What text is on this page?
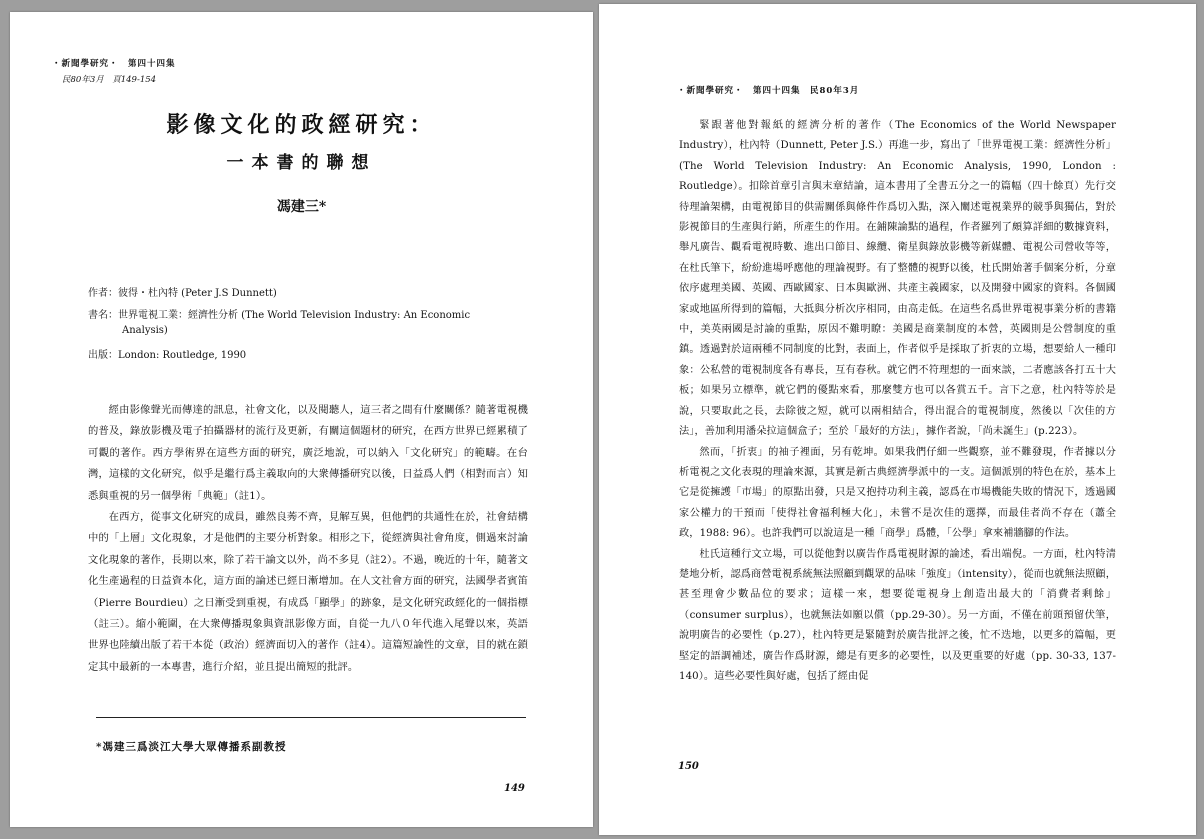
・新聞學研究・　第四十四集
民80年3月　頁149-154
影像文化的政經研究：
一本書的聯想
馮建三*
作者：彼得・杜內特 (Peter J.S Dunnett)
書名：世界電視工業：經濟性分析 (The World Television Industry: An Economic
Analysis)
出版：London: Routledge, 1990

經由影像聲光而傳達的訊息，社會文化，以及閱聽人，這三者之間有什麼關係？隨著電視機的普及，錄放影機及電子拍攝器材的流行及更新，有關這個題材的研究，在西方世界已經累積了可觀的著作。西方學術界在這些方面的研究，廣泛地說，可以納入「文化研究」的範疇。在台灣，這樣的文化研究，似乎是繼行爲主義取向的大衆傳播研究以後，日益爲人們（相對而言）知悉與重視的另一個學術「典範」（註1）。

在西方，從事文化研究的成員，雖然良莠不齊，見解互異，但他們的共通性在於，社會結構中的「上層」文化現象，才是他們的主要分析對象。相形之下，從經濟與社會角度，側過來討論文化現象的著作，長期以來，除了若干論文以外，尚不多見（註2）。不過，晚近的十年，隨著文化生產過程的日益資本化，這方面的論述已經日漸增加。在人文社會方面的研究，法國學者賓笛（Pierre Bourdieu）之日漸受到重視，有成爲「顯學」的跡象，是文化研究政經化的一個指標（註三）。縮小範圍，在大衆傳播現象與資訊影像方面，自從一九八０年代進入尾聲以來，英語世界也陸續出版了若干本從（政治）經濟面切入的著作（註4）。這篇短論性的文章，目的就在鎖定其中最新的一本專書，進行介紹，並且提出簡短的批評。

*馮建三爲淡江大學大眾傳播系副教授
149
・新聞學研究・　第四十四集　民80年3月

緊跟著他對報紙的經濟分析的著作（The Economics of the World Newspaper Industry），杜內特（Dunnett, Peter J.S.）再進一步，寫出了「世界電視工業：經濟性分析」(The World Television Industry: An Economic Analysis, 1990, London : Routledge）。扣除首章引言與末章結論，這本書用了全書五分之一的篇幅（四十餘頁）先行交待理論架構，由電視節目的供需關係與條件作爲切入點，深入闡述電視業界的競爭與獨佔，對於影視節目的生產與行銷，所產生的作用。在鋪陳論點的過程，作者羅列了頗算詳細的數據資料，舉凡廣告、觀看電視時數、進出口節目、線纜、衛星與錄放影機等新媒體、電視公司營收等等，在杜氏筆下，紛紛進場呼應他的理論視野。有了整體的視野以後，杜氏開始著手個案分析，分章依序處理美國、英國、西歐國家、日本與歐洲、共產主義國家，以及開發中國家的資料。各個國家或地區所得到的篇幅，大抵與分析次序相同，由高走低。在這些名爲世界電視事業分析的書籍中，美英兩國是討論的重點，原因不難明瞭：美國是商業制度的本營，英國則是公營制度的重鎮。透過對於這兩種不同制度的比對，表面上，作者似乎是採取了折衷的立場，想要給人一種印象：公私營的電視制度各有專長，互有春秋。就它們不符理想的一面來談，二者應該各打五十大板；如果另立標準，就它們的優點來看，那麼雙方也可以各賞五千。言下之意，杜內特等於是說，只要取此之長，去除彼之短，就可以兩相結合，得出混合的電視制度，然後以「次佳的方法」，善加利用潘朵拉這個盒子；至於「最好的方法」，據作者說，「尚未誕生」(p.223）。

然而，「折衷」的袖子裡面，另有乾坤。如果我們仔細一些觀察，並不難發現，作者據以分析電視之文化表現的理論來源，其實是新古典經濟學派中的一支。這個派別的特色在於，基本上它是從擁護「市場」的原點出發，只是又抱持功利主義，認爲在市場機能失敗的情況下，透過國家公權力的干預而「使得社會福利極大化」，未嘗不是次佳的選擇，而最佳者尚不存在（蕭全政，1988: 96）。也許我們可以說這是一種「商學」爲體，「公學」拿來補牆腳的作法。

杜氏這種行文立場，可以從他對以廣告作爲電視財源的論述，看出端倪。一方面，杜內特清楚地分析，認爲商營電視系統無法照顧到觀眾的品味「強度」（intensity），從而也就無法照顧，甚至理會少數品位的要求；這樣一來，想要從電視身上創造出最大的「消費者剩餘」（consumer surplus），也就無法如願以償（pp.29-30）。另一方面，不僅在前頭預留伏筆，說明廣告的必要性（p.27），杜內特更是緊隨對於廣告批評之後，忙不迭地，以更多的篇幅，更堅定的語調補述，廣告作爲財源，總是有更多的必要性，以及更重要的好處（pp. 30-33, 137-140）。這些必要性與好處，包括了經由促

150
